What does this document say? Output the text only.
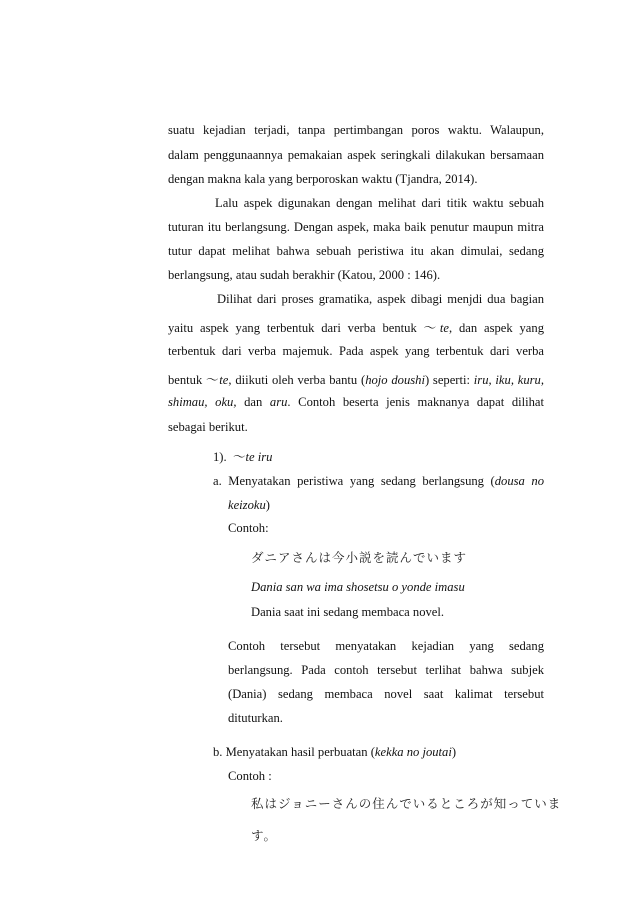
suatu kejadian terjadi, tanpa pertimbangan poros waktu. Walaupun,
dalam penggunaannya pemakaian aspek seringkali dilakukan bersamaan
dengan makna kala yang berporoskan waktu (Tjandra, 2014).
Lalu aspek digunakan dengan melihat dari titik waktu sebuah
tuturan itu berlangsung. Dengan aspek, maka baik penutur maupun mitra
tutur dapat melihat bahwa sebuah peristiwa itu akan dimulai, sedang
berlangsung, atau sudah berakhir (Katou, 2000 : 146).
Dilihat dari proses gramatika, aspek dibagi menjdi dua bagian
yaitu aspek yang terbentuk dari verba bentuk ～te, dan aspek yang
terbentuk dari verba majemuk. Pada aspek yang terbentuk dari verba
bentuk ～te, diikuti oleh verba bantu (hojo doushi) seperti: iru, iku, kuru,
shimau, oku, dan aru. Contoh beserta jenis maknanya dapat dilihat
sebagai berikut.
1). ～te iru
a. Menyatakan peristiwa yang sedang berlangsung (dousa no
keizoku)
Contoh:
ダニアさんは今小説を読んでいます
Dania san wa ima shosetsu o yonde imasu
Dania saat ini sedang membaca novel.
Contoh tersebut menyatakan kejadian yang sedang
berlangsung. Pada contoh tersebut terlihat bahwa subjek
(Dania) sedang membaca novel saat kalimat tersebut
dituturkan.
b. Menyatakan hasil perbuatan (kekka no joutai)
Contoh :
私はジョニーさんの住んでいるところが知っていま
す。
